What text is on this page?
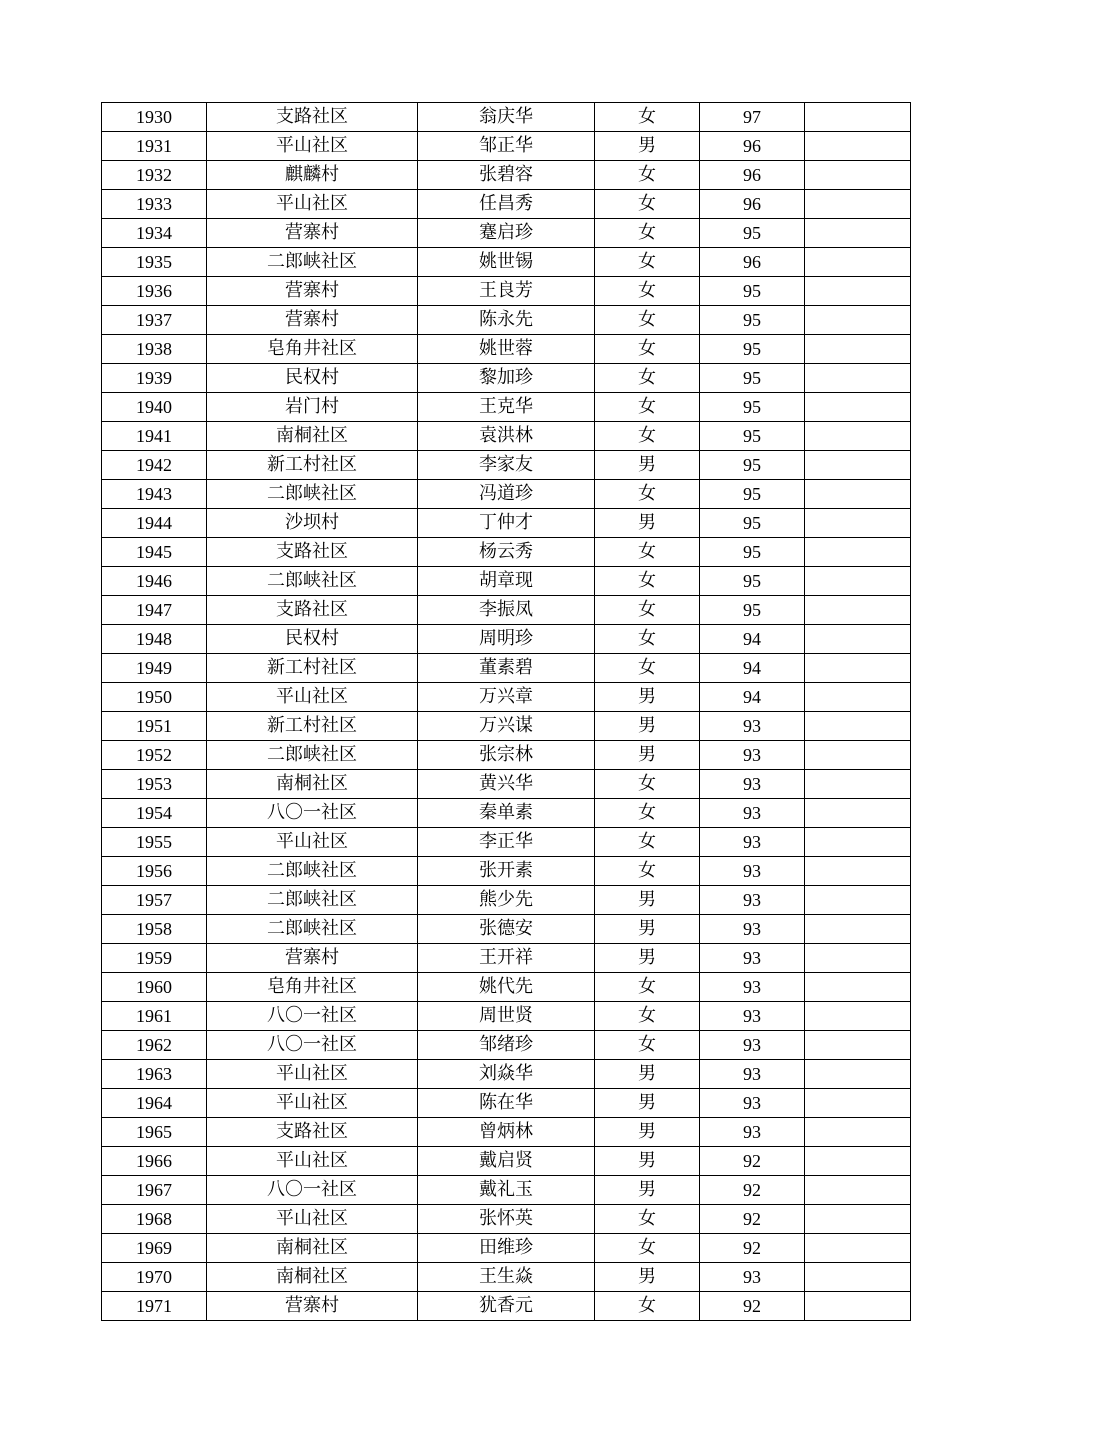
1930	支路社区	翁庆华	女	97	
1931	平山社区	邹正华	男	96	
1932	麒麟村	张碧容	女	96	
1933	平山社区	任昌秀	女	96	
1934	营寨村	蹇启珍	女	95	
1935	二郎峡社区	姚世锡	女	96	
1936	营寨村	王良芳	女	95	
1937	营寨村	陈永先	女	95	
1938	皂角井社区	姚世蓉	女	95	
1939	民权村	黎加珍	女	95	
1940	岩门村	王克华	女	95	
1941	南桐社区	袁洪林	女	95	
1942	新工村社区	李家友	男	95	
1943	二郎峡社区	冯道珍	女	95	
1944	沙坝村	丁仲才	男	95	
1945	支路社区	杨云秀	女	95	
1946	二郎峡社区	胡章现	女	95	
1947	支路社区	李振凤	女	95	
1948	民权村	周明珍	女	94	
1949	新工村社区	董素碧	女	94	
1950	平山社区	万兴章	男	94	
1951	新工村社区	万兴谋	男	93	
1952	二郎峡社区	张宗林	男	93	
1953	南桐社区	黄兴华	女	93	
1954	八〇一社区	秦单素	女	93	
1955	平山社区	李正华	女	93	
1956	二郎峡社区	张开素	女	93	
1957	二郎峡社区	熊少先	男	93	
1958	二郎峡社区	张德安	男	93	
1959	营寨村	王开祥	男	93	
1960	皂角井社区	姚代先	女	93	
1961	八〇一社区	周世贤	女	93	
1962	八〇一社区	邹绪珍	女	93	
1963	平山社区	刘焱华	男	93	
1964	平山社区	陈在华	男	93	
1965	支路社区	曾炳林	男	93	
1966	平山社区	戴启贤	男	92	
1967	八〇一社区	戴礼玉	男	92	
1968	平山社区	张怀英	女	92	
1969	南桐社区	田维珍	女	92	
1970	南桐社区	王生焱	男	93	
1971	营寨村	犹香元	女	92	
